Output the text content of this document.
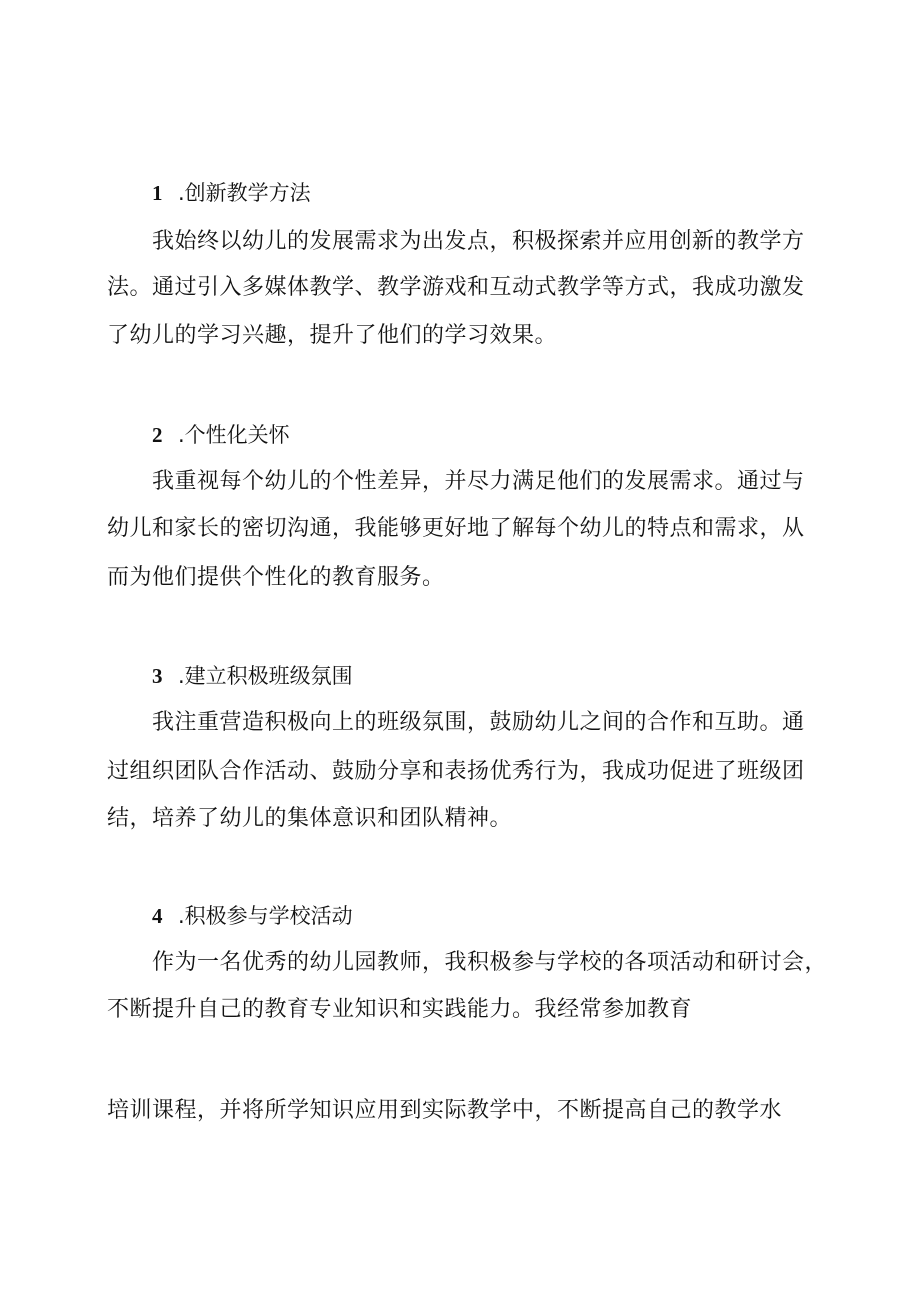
1 .创新教学方法
我始终以幼儿的发展需求为出发点，积极探索并应用创新的教学方
法。通过引入多媒体教学、教学游戏和互动式教学等方式，我成功激发
了幼儿的学习兴趣，提升了他们的学习效果。
2 .个性化关怀
我重视每个幼儿的个性差异，并尽力满足他们的发展需求。通过与
幼儿和家长的密切沟通，我能够更好地了解每个幼儿的特点和需求，从
而为他们提供个性化的教育服务。
3 .建立积极班级氛围
我注重营造积极向上的班级氛围，鼓励幼儿之间的合作和互助。通
过组织团队合作活动、鼓励分享和表扬优秀行为，我成功促进了班级团
结，培养了幼儿的集体意识和团队精神。
4 .积极参与学校活动
作为一名优秀的幼儿园教师，我积极参与学校的各项活动和研讨会，
不断提升自己的教育专业知识和实践能力。我经常参加教育
培训课程，并将所学知识应用到实际教学中，不断提高自己的教学水
